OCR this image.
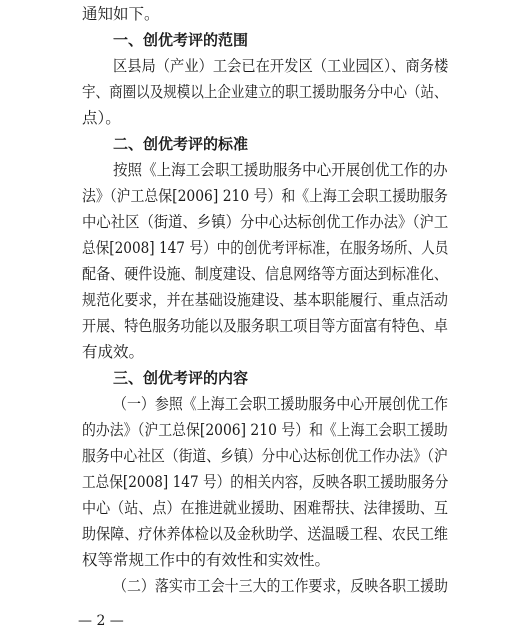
通知如下。
一、创优考评的范围
区县局（产业）工会已在开发区（工业园区）、商务楼
宇、商圈以及规模以上企业建立的职工援助服务分中心（站、
点）。
二、创优考评的标准
按照《上海工会职工援助服务中心开展创优工作的办
法》（沪工总保[2006] 210 号）和《上海工会职工援助服务
中心社区（街道、乡镇）分中心达标创优工作办法》（沪工
总保[2008] 147 号）中的创优考评标准，在服务场所、人员
配备、硬件设施、制度建设、信息网络等方面达到标准化、
规范化要求，并在基础设施建设、基本职能履行、重点活动
开展、特色服务功能以及服务职工项目等方面富有特色、卓
有成效。
三、创优考评的内容
（一）参照《上海工会职工援助服务中心开展创优工作
的办法》（沪工总保[2006] 210 号）和《上海工会职工援助
服务中心社区（街道、乡镇）分中心达标创优工作办法》（沪
工总保[2008] 147 号）的相关内容，反映各职工援助服务分
中心（站、点）在推进就业援助、困难帮扶、法律援助、互
助保障、疗休养体检以及金秋助学、送温暖工程、农民工维
权等常规工作中的有效性和实效性。
（二）落实市工会十三大的工作要求，反映各职工援助
— 2 —
